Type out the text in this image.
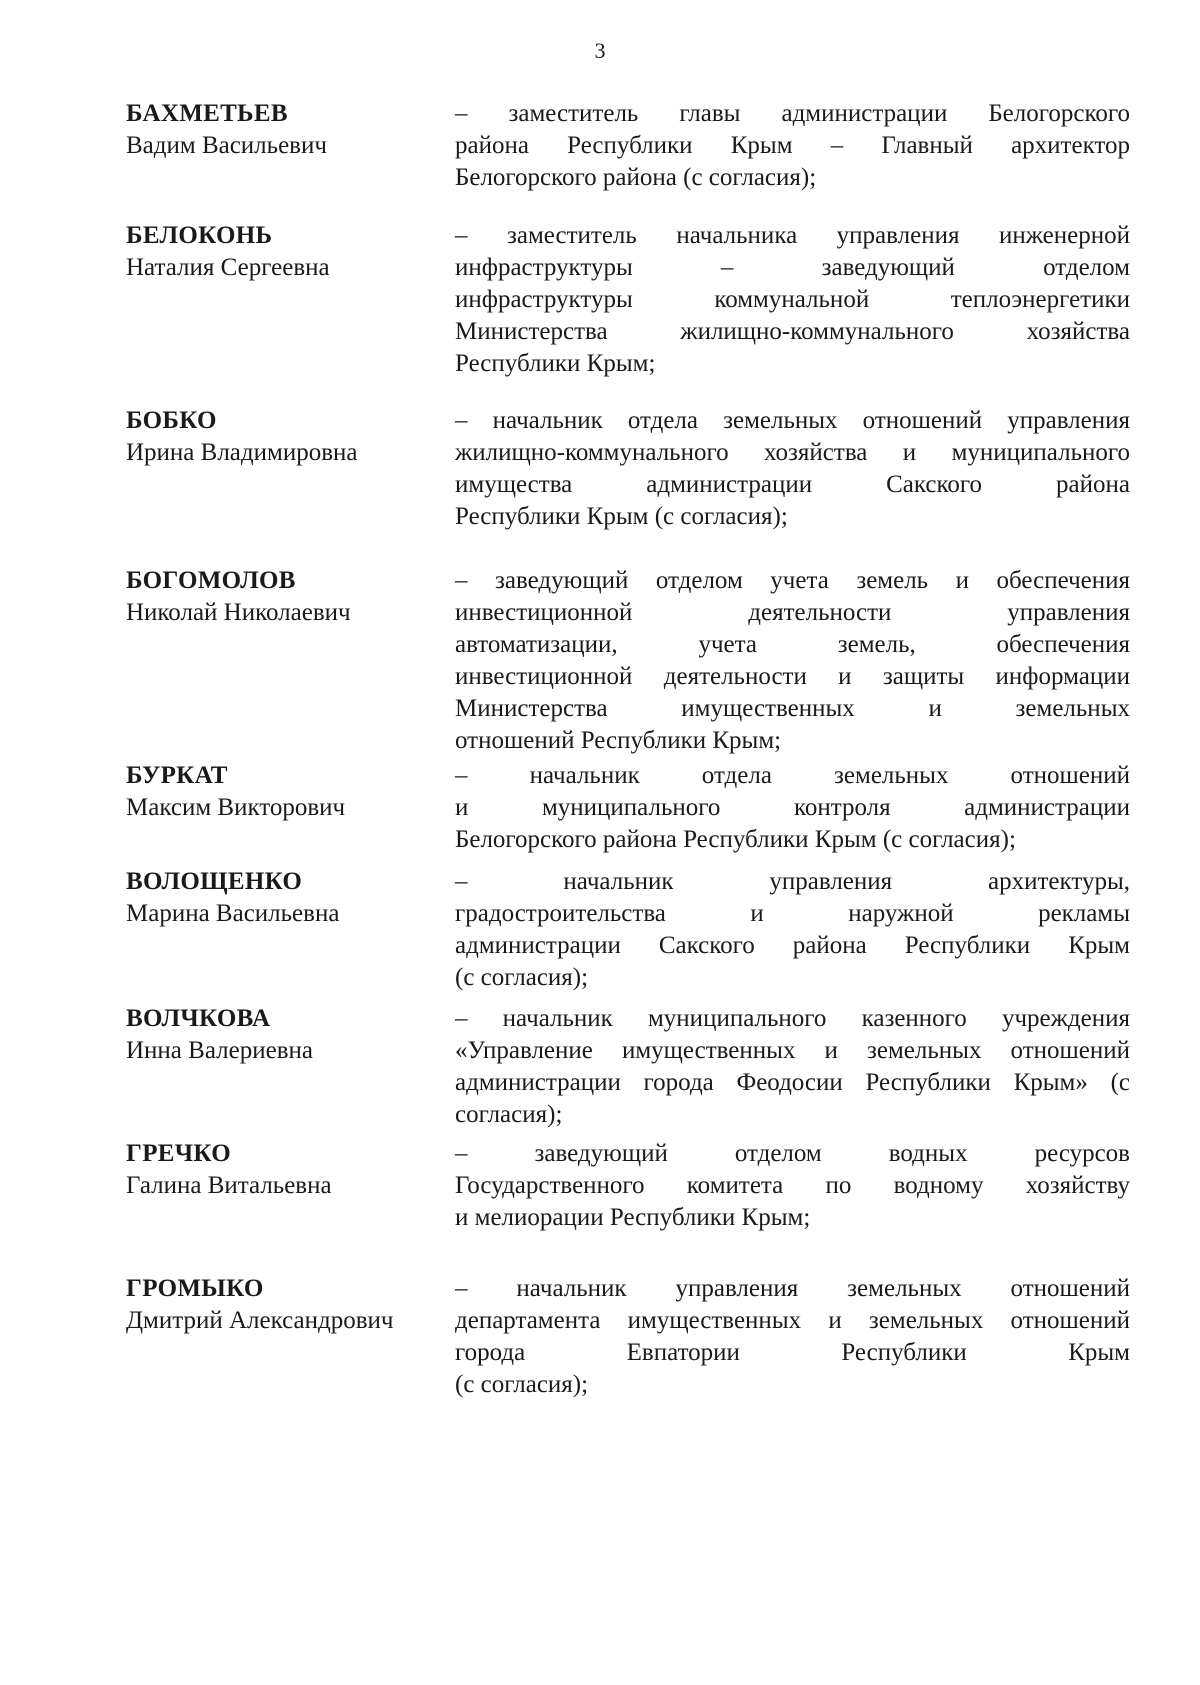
3
БАХМЕТЬЕВ
Вадим Васильевич
– заместитель главы администрации Белогорского
района Республики Крым – Главный архитектор
Белогорского района (с согласия);
БЕЛОКОНЬ
Наталия Сергеевна
– заместитель начальника управления инженерной
инфраструктуры – заведующий отделом
инфраструктуры коммунальной теплоэнергетики
Министерства жилищно-коммунального хозяйства
Республики Крым;
БОБКО
Ирина Владимировна
– начальник отдела земельных отношений управления
жилищно-коммунального хозяйства и муниципального
имущества администрации Сакского района
Республики Крым (с согласия);
БОГОМОЛОВ
Николай Николаевич
– заведующий отделом учета земель и обеспечения
инвестиционной деятельности управления
автоматизации, учета земель, обеспечения
инвестиционной деятельности и защиты информации
Министерства имущественных и земельных
отношений Республики Крым;
БУРКАТ
Максим Викторович
– начальник отдела земельных отношений
и муниципального контроля администрации
Белогорского района Республики Крым (с согласия);
ВОЛОЩЕНКО
Марина Васильевна
– начальник управления архитектуры,
градостроительства и наружной рекламы
администрации Сакского района Республики Крым
(с согласия);
ВОЛЧКОВА
Инна Валериевна
– начальник муниципального казенного учреждения
«Управление имущественных и земельных отношений
администрации города Феодосии Республики Крым» (с
согласия);
ГРЕЧКО
Галина Витальевна
– заведующий отделом водных ресурсов
Государственного комитета по водному хозяйству
и мелиорации Республики Крым;
ГРОМЫКО
Дмитрий Александрович
– начальник управления земельных отношений
департамента имущественных и земельных отношений
города Евпатории Республики Крым
(с согласия);
